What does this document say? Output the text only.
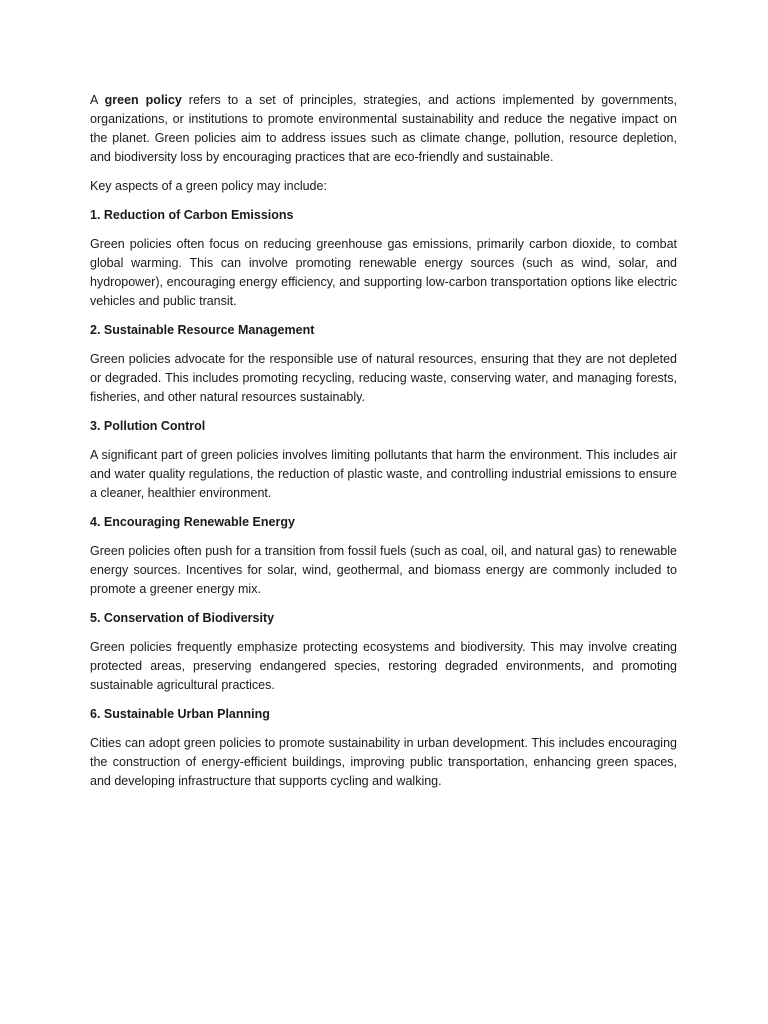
A green policy refers to a set of principles, strategies, and actions implemented by governments, organizations, or institutions to promote environmental sustainability and reduce the negative impact on the planet. Green policies aim to address issues such as climate change, pollution, resource depletion, and biodiversity loss by encouraging practices that are eco-friendly and sustainable.

Key aspects of a green policy may include:

1. Reduction of Carbon Emissions

Green policies often focus on reducing greenhouse gas emissions, primarily carbon dioxide, to combat global warming. This can involve promoting renewable energy sources (such as wind, solar, and hydropower), encouraging energy efficiency, and supporting low-carbon transportation options like electric vehicles and public transit.

2. Sustainable Resource Management

Green policies advocate for the responsible use of natural resources, ensuring that they are not depleted or degraded. This includes promoting recycling, reducing waste, conserving water, and managing forests, fisheries, and other natural resources sustainably.

3. Pollution Control

A significant part of green policies involves limiting pollutants that harm the environment. This includes air and water quality regulations, the reduction of plastic waste, and controlling industrial emissions to ensure a cleaner, healthier environment.

4. Encouraging Renewable Energy

Green policies often push for a transition from fossil fuels (such as coal, oil, and natural gas) to renewable energy sources. Incentives for solar, wind, geothermal, and biomass energy are commonly included to promote a greener energy mix.

5. Conservation of Biodiversity

Green policies frequently emphasize protecting ecosystems and biodiversity. This may involve creating protected areas, preserving endangered species, restoring degraded environments, and promoting sustainable agricultural practices.

6. Sustainable Urban Planning

Cities can adopt green policies to promote sustainability in urban development. This includes encouraging the construction of energy-efficient buildings, improving public transportation, enhancing green spaces, and developing infrastructure that supports cycling and walking.
